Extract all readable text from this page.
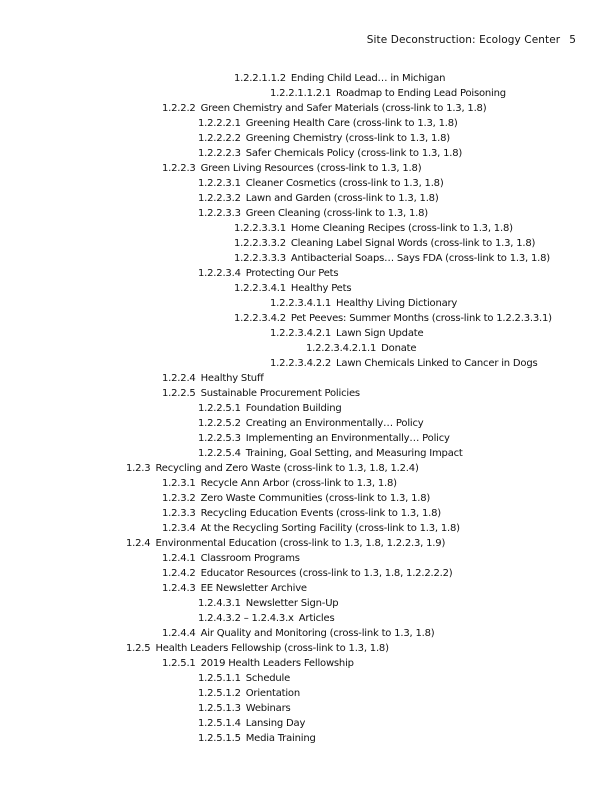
Site Deconstruction: Ecology Center 5
1.2.2.1.1.2 Ending Child Lead… in Michigan
1.2.2.1.1.2.1 Roadmap to Ending Lead Poisoning
1.2.2.2 Green Chemistry and Safer Materials (cross-link to 1.3, 1.8)
1.2.2.2.1 Greening Health Care (cross-link to 1.3, 1.8)
1.2.2.2.2 Greening Chemistry (cross-link to 1.3, 1.8)
1.2.2.2.3 Safer Chemicals Policy (cross-link to 1.3, 1.8)
1.2.2.3 Green Living Resources (cross-link to 1.3, 1.8)
1.2.2.3.1 Cleaner Cosmetics (cross-link to 1.3, 1.8)
1.2.2.3.2 Lawn and Garden (cross-link to 1.3, 1.8)
1.2.2.3.3 Green Cleaning (cross-link to 1.3, 1.8)
1.2.2.3.3.1 Home Cleaning Recipes (cross-link to 1.3, 1.8)
1.2.2.3.3.2 Cleaning Label Signal Words (cross-link to 1.3, 1.8)
1.2.2.3.3.3 Antibacterial Soaps… Says FDA (cross-link to 1.3, 1.8)
1.2.2.3.4 Protecting Our Pets
1.2.2.3.4.1 Healthy Pets
1.2.2.3.4.1.1 Healthy Living Dictionary
1.2.2.3.4.2 Pet Peeves: Summer Months (cross-link to 1.2.2.3.3.1)
1.2.2.3.4.2.1 Lawn Sign Update
1.2.2.3.4.2.1.1 Donate
1.2.2.3.4.2.2 Lawn Chemicals Linked to Cancer in Dogs
1.2.2.4 Healthy Stuff
1.2.2.5 Sustainable Procurement Policies
1.2.2.5.1 Foundation Building
1.2.2.5.2 Creating an Environmentally… Policy
1.2.2.5.3 Implementing an Environmentally… Policy
1.2.2.5.4 Training, Goal Setting, and Measuring Impact
1.2.3 Recycling and Zero Waste (cross-link to 1.3, 1.8, 1.2.4)
1.2.3.1 Recycle Ann Arbor (cross-link to 1.3, 1.8)
1.2.3.2 Zero Waste Communities (cross-link to 1.3, 1.8)
1.2.3.3 Recycling Education Events (cross-link to 1.3, 1.8)
1.2.3.4 At the Recycling Sorting Facility (cross-link to 1.3, 1.8)
1.2.4 Environmental Education (cross-link to 1.3, 1.8, 1.2.2.3, 1.9)
1.2.4.1 Classroom Programs
1.2.4.2 Educator Resources (cross-link to 1.3, 1.8, 1.2.2.2.2)
1.2.4.3 EE Newsletter Archive
1.2.4.3.1 Newsletter Sign-Up
1.2.4.3.2 – 1.2.4.3.x Articles
1.2.4.4 Air Quality and Monitoring (cross-link to 1.3, 1.8)
1.2.5 Health Leaders Fellowship (cross-link to 1.3, 1.8)
1.2.5.1 2019 Health Leaders Fellowship
1.2.5.1.1 Schedule
1.2.5.1.2 Orientation
1.2.5.1.3 Webinars
1.2.5.1.4 Lansing Day
1.2.5.1.5 Media Training
